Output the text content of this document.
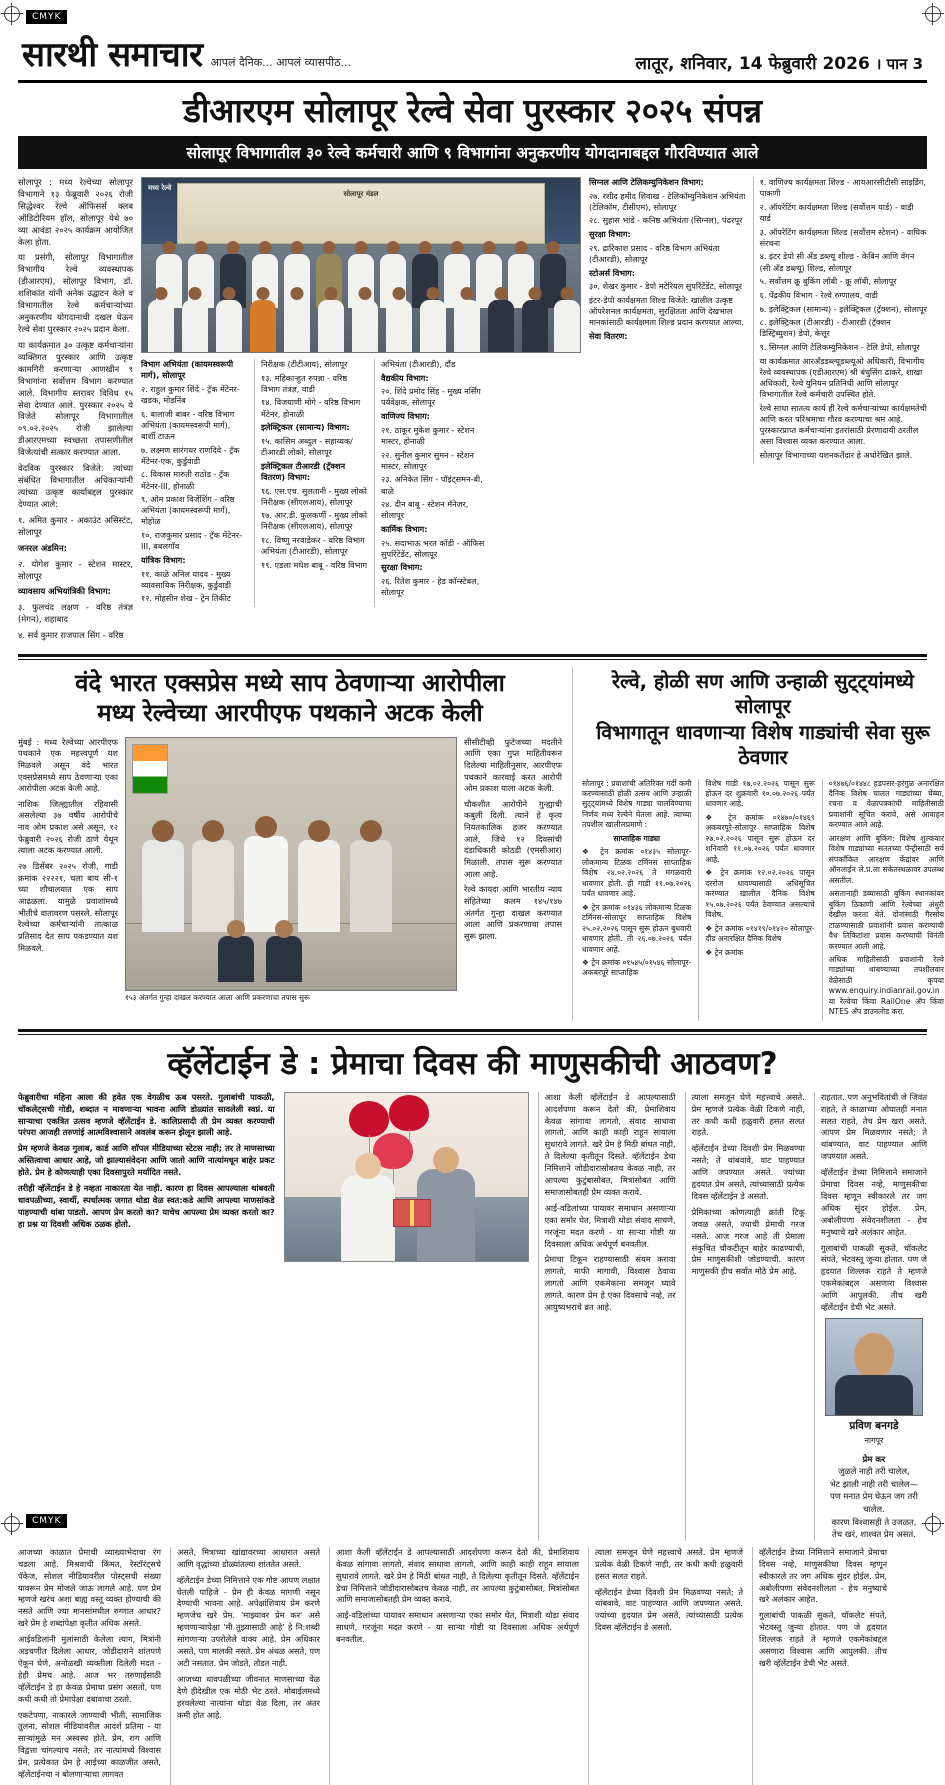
CMYK
CMYK
सारथी समाचार आपलं दैनिक... आपलं व्यासपीठ...	लातूर, शनिवार, 14 फेब्रुवारी 2026 । पान 3
डीआरएम सोलापूर रेल्वे सेवा पुरस्कार २०२५ संपन्न
सोलापूर विभागातील ३० रेल्वे कर्मचारी आणि ९ विभागांना अनुकरणीय योगदानाबद्दल गौरविण्यात आले

सोलापूर : मध्य रेल्वेच्या सोलापूर विभागाने १३ फेब्रुवारी २०२६ रोजी सिद्धेश्वर रेल्वे ऑफिसर्स क्लब ऑडिटोरियम हॉल, सोलापूर येथे ७० व्या आवंडा २०२५ कार्यक्रम आयोजित केला होता.

या प्रसंगी, सोलापूर विभागातील विभागीय रेल्वे व्यवस्थापक (डीआरएम), सोलापूर विभाग, डॉ. शशिकांत यांनी अनेक उद्घाटन केले व विभागातील रेल्वे कर्मचाऱ्यांच्या अनुकरणीय योगदानाची दखल घेऊन रेल्वे सेवा पुरस्कार २०२५ प्रदान केला.

या कार्यक्रमात ३० उत्कृष्ट कर्मचाऱ्यांना व्यक्तिगत पुरस्कार आणि उत्कृष्ट कामगिरी करणाऱ्या आणखीन ९ विभागांना सर्वोत्तम विभाग करण्यात आले. विभागीय स्तरावर विविध १५ सेवा देण्यात आले. पुरस्कार २०२५ ये विजेते सोलापूर विभागातील ०९.०२.२०२५ रोजी झालेल्या डीआरएमच्या स्वच्छता तपासणीतील विजेत्यांची सत्कार करण्यात आला.

वेदविक पुरस्कार विजेते: त्यांच्या संबंधित विभागातील अधिकाऱ्यांनी त्यांच्या उत्कृष्ट कार्याबद्दल पुरस्कार देण्यात आले:

१. अमित कुमार - अकाउंट असिस्टंट, सोलापूर

जनरल अंडमिन:

२. योगेश कुमार - स्टेशन मास्टर, सोलापूर

व्यावसाय अभियांत्रिकी विभाग:

३. फुलचंद लक्षण - वरिष्ठ तंत्रज्ञ (मेगन), शहाबाद

४. सर्व कुमार राजपाल सिंग - वरिष्ठ

सोलापूर मंडल
मध्य रेल्वे

विभाग अभियंता (कायमस्वरूपी मार्ग), सोलापूर

२. राहुल कुमार शिंदे - ट्रॅक मेंटेनर-खडक, मोडनिंब

६. बालाजी बाबर - वरिष्ठ विभाग अभियंता (कायमस्वरूपी मार्ग), बार्शी टाऊन

७. लक्ष्मण सारंगधर राणदिवे - ट्रॅक मेंटेनर-एक, कुर्डुवाडी

८. विकास मारुती राठोड - ट्रॅक मेंटेनर-III, होनाळी

९. ओम प्रकाश विजेंशिंग - वरिष्ठ अभियंता (कायमस्वरूपी मार्ग), मोहोळ

१०. राजकुमार प्रसाद - ट्रॅक मेंटेनर-III, बबलगाँव

यांत्रिक विभाग:

११. काळे अनिल यादव - मुख्य व्यावसायिक निरीक्षक, कुर्डुवाडी

१२. मोहसीन शेख - ट्रेन तिकीट

निरीक्षक (टीटीआय), सोलापूर

१३. महिकाऱ्हुत रुपन्ना - वरिष्ठ विभाग तंत्रज्ञ, वाडी

१४. विजयाणी मोगे - वरिष्ठ विभाग मेंटेनर, होनाळी

इलेक्ट्रिकल (सामान्य) विभाग:

१५. कासिम अब्दुल - सहाय्यक/टीआरडी लोको, सोलापूर

इलेक्ट्रिकल टीआरडी (ट्रॅक्शन वितरण) विभाग:

१६. एस.एच. सुलतानी - मुख्य लोको निरीक्षक (सीएलआय), सोलापूर

१७. आर.डी. फुलकर्णी - मुख्य लोको निरीक्षक (सीएलआय), सोलापूर

१८. विष्णु नरवाडेकर - वरिष्ठ विभाग अभियंता (टीआरडी), सोलापूर

१९. एडला मधेश बाबू - वरिष्ठ विभाग

अभियंता (टीआरडी), दौंड

वैद्यकीय विभाग:

२०. शिंदे प्रमोद सिंह - मुख्य नर्सिंग पर्यवेक्षक, सोलापूर

वाणिज्य विभाग:

२१. ठाकूर मुकेश कुमार - स्टेशन मास्टर, होनाळी

२२. सुनील कुमार सुमन - स्टेशन मास्टर, सोलापूर

२३. अनिकेत सिंग - पॉइंट्समन-बी, बाळे

२४. दीन बाबू - स्टेशन मॅनेजर, सोलापूर

कार्मिक विभाग:

२५. सदाभाऊ भरत कोंडी - ऑफिस सुपरिंटेंडेंट, सोलापूर

सुरक्षा विभाग:

२६. रितेश कुमार - हेड कॉन्स्टेबल, सोलापूर

सिग्नल आणि टेलिकम्युनिकेशन विभाग:

२७. रशीद हमीद शिवाख - टेलिकॉम्युनिकेशन अभियंता (टेलिकॉम, टीसीएम), सोलापूर

२८. सुहास भांडे - कनिष्ठ अभियंता (सिग्नल), पंढरपूर

सुरक्षा विभाग:

२९. द्रारिकाश प्रसाद - वरिष्ठ विभाग अभियंता (टीआरडी), सोलापूर

स्टोअर्स विभाग:

३०. शेखर कुमार - डेपो मटेरियल सुपरिंटेंडेंट, सोलापूर

इंटर-डेपो कार्यक्षमता शिल्ड विजेते: खालील उत्कृष्ट ऑपरेशनल कार्यक्षमता, सुरक्षितता आणि देखभाल मानकांसाठी कार्यक्षमता शिल्ड प्रदान करण्यात आल्या.

सेवा वितरण:

१. वाणिज्य कार्यक्षमता शिल्ड - आयआरसीटीसी साइडिंग, पाकणी

२. ऑपरेटिंग कार्यक्षमता शिल्ड (सर्वोत्तम यार्ड) - वाडी यार्ड

३. ऑपरेटिंग कार्यक्षमता शिल्ड (सर्वोत्तम स्टेशन) - वाघिक संरचना

४. इंटर डेपो सी अँड डब्ल्यू शील्ड - केबिन आणि वॅगन (सी अँड डब्ल्यू) शिल्ड, सोलापूर

५. सर्वोत्तम क्रू बुकिंग लॉबी - क्रू लॉबी, सोलापूर

६. पेंद्रकीय विभाग - रेल्वे रुग्णालय, वाडी

७. इलेक्ट्रिकल (सामान्य) - इलेक्ट्रिकल (ट्रॅक्शन), सोलापूर

८. इलेक्ट्रिकल (टीआरडी) - टीआरडी (ट्रॅक्शन डिस्ट्रिब्युशन) डेपो, केत्तूर

९. सिग्नल आणि टेलिकम्युनिकेशन - टेलि डेपो, सोलापूर

या कार्यक्रमात आरअँडडब्ल्यूडब्ल्यूओ अधिकारी, विभागीय रेल्वे व्यवस्थापक (एडीआरएम) श्री बंधुसिंग ढाकरे, शाखा अधिकारी, रेल्वे युनियन प्रतिनिधी आणि सोलापूर विभागातील रेल्वे कर्मचारी उपस्थित होते.

रेल्वे साधा सातत्य कार्य ही रेल्वे कर्मचाऱ्यांच्या कार्यक्षमतेची आणि करत परिश्रमाचा गौरव करण्याचा श्रम आहे. पुरस्कारप्राप्त कर्मचाऱ्यांना इतरांसाठी प्रेरणादायी ठरतील असा विश्वास व्यक्त करण्यात आला.

सोलापूर विभागाच्या यशनकर्तेदार हे अधोरेखित झाले.

वंदे भारत एक्सप्रेस मध्ये साप ठेवणाऱ्या आरोपीला
मध्य रेल्वेच्या आरपीएफ पथकाने अटक केली

मुंबई : मध्य रेल्वेच्या आरपीएफ पथकाने एक महत्त्वपूर्ण यश मिळवले असून वंदे भारत एक्सप्रेसमध्ये साप ठेवणाऱ्या एका आरोपीला अटक केली आहे.

नाशिक जिल्ह्यातील रहिवासी असलेल्या ३७ वर्षीय आरोपीचे नाव ओम प्रकाश असे असून, १२ फेब्रुवारी २०२६ रोजी ठाणे येथून त्याला अटक करण्यात आली.

२७ डिसेंबर २०२५ रोजी, गाडी क्रमांक २२२२१, चला बाय सी-१ च्या शौचालयात एक साप आढळला. यामुळे प्रवाशांमध्ये भीतीचे वातावरण पसरले. सोलापूर रेल्वेच्या कर्मचाऱ्यांनी तात्काळ प्रतिसाद देत साप पकडण्यात यश मिळवले.

१५३ अंतर्गत गुन्हा दाखल करण्यात आला आणि प्रकरणाचा तपास सुरू

सीसीटीव्ही फुटेजच्या मदतीने आणि एका गुप्त माहितीवरून दिलेल्या माहितीनुसार, आरपीएफ पथकाने कारवाई करत आरोपी ओम प्रकाश याला अटक केली.

चौकशीत आरोपीने गुन्ह्याची कबुली दिली. त्याने हे कृत्य नियतकालिक हजर करण्यात आले, जिथे १२ दिवसांची दंडाधिकारी कोठडी (एमसीआर) मिळाली. तपास सुरू करण्यात आला आहे.

रेल्वे कायदा आणि भारतीय न्याय संहितेच्या कलम १४५/१४७ अंतर्गत गुन्हा दाखल करण्यात आला आणि प्रकरणाचा तपास सुरू झाला.

रेल्वे, होळी सण आणि उन्हाळी सुट्ट्यांमध्ये सोलापूर
विभागातून धावणाऱ्या विशेष गाड्यांची सेवा सुरू ठेवणार

सोलापूर : प्रवाशांची अतिरिक्त गर्दी कमी करण्यासाठी होळी उत्सव आणि उन्हाळी सुट्ट्यांमध्ये विशेष गाड्या चालविण्याचा निर्णय मध्य रेल्वेने घेतला आहे. त्याच्या तपशील खालीलप्रमाणे :

साप्ताहिक गाड्या

❖ ट्रेन क्रमांक ०१४३५ सोलापूर-लोकमान्य टिळक टर्मिनस साप्ताहिक विशेष २४.०२.२०२६ ते मंगळवारी धावणार होती. ही गाडी ११.०७.२०२६ पर्यंत धावणार आहे.

❖ ट्रेन क्रमांक ०१४३६ लोकमान्य टिळक टर्मिनस-सोलापूर साप्ताहिक विशेष २५.०२.२०२६ पासून सुरू होऊन बुधवारी धावणार होती. ती २६.०७.२०२६ पर्यंत धावणार आहे.

❖ ट्रेन क्रमांक ०१५४५/०१५४६ सोलापूर-अकबरपूरे साप्ताहिक

विशेष गाडी १७.०२.२०२६ पासून सुरू होऊन दर शुक्रवारी १०.०७.२०२६ पर्यंत धावणार आहे.

❖ ट्रेन क्रमांक ०१४७०/०१४६९ अकबरपूरे-सोलापूर साप्ताहिक विशेष २७.०२.२०२६ पासून सुरू होऊन दर शनिवारी ११.०७.२०२६ पर्यंत धावणार आहे.

❖ ट्रेन क्रमांक १२.०२.२०२६ पासून दररोज धावण्यासाठी अधिसूचित करण्यात खालील दैनिक विशेष १५.०७.२०२६ पर्यंत ठेवण्यात असल्याचे विशेष.

❖ ट्रेन क्रमांक ०१४१९/०१४२० सोलापूर-दौंड अनारक्षित दैनिक विशेष

❖ ट्रेन क्रमांक

०१४७६/०१४४८ हडपसर-हरंगुळ अनारक्षित दैनिक विशेष चालत गाड्यांच्या चेंब्या, रचना व वेळापत्रकांची माहितीसाठी प्रवाशांनी सूचित करावे, असे आवाहन करण्यात आले आहे.

आरक्षण आणि बुकिंग: विशेष शुल्कवार विशेष गाड्यांच्या सततच्या पॅन्ट्रीसाठी सर्व संपर्कांकित आरक्षण केंद्रांवर आणि ऑनलाईन ले.प्र.ला संकेतस्थळावर उपलब्ध असतील.

असतानाही डब्यासाठी बुकिंग स्थानकांवर बुकिंग ठिकाणी आणि रेल्वेच्या अंधुरी देखील करता येते. दोनांसाठी गैरसोय टाळण्यासाठी प्रवाशांनी प्रवास करण्याची वैध तिकिटांशा प्रवास करण्याची विनंती करण्यात आली आहे.

अधिक माहितीसाठी प्रवाशांनी रेल्वे गाड्यांच्या थांबण्याच्या तपशीलवार वेळेसाठी कृपया www.enquiry.indianrail.gov.in या रेल्वेचा किंवा RailOne अ‍ॅप किंवा NTES अ‍ॅप डाउनलोड करा.

व्हॅलेंटाईन डे : प्रेमाचा दिवस की माणुसकीची आठवण?

फेब्रुवारीचा महिना आला की हवेत एक वेगळीच ऊब पसरते. गुलाबांची पाकळी, चॉकलेट्सची गोडी, शब्दात न मावणाऱ्या भावना आणि डोळ्यांत सावलेली स्वप्नं. या साऱ्याचा एकत्रित उत्सव म्हणजे व्हॅलेंटाईन डे. कालिप्रसादी ती प्रेम व्यक्त करण्याची परंपरा आजही तरुणांई आत्मविश्वासाने अवलंब करून झेलून झाली आहे.

प्रेम म्हणजे केवळ गुलाब, कार्ड आणि शॉपल मीडियाच्या स्टेटस नाही; तर ते माणसाच्या अस्तित्वाचा आधार आहे, जो झाल्यासंवेदना आणि जातो आणि नात्यांमधून बाहेर प्रकट होते. प्रेम हे कोणत्याही एका दिवसापुरते मर्यादित नसते.

तरीही व्हॅलेंटाईन डे हे नव्हता नाकारता येत नाही. कारण हा दिवस आपल्याला थांबवती धावपळीच्या, स्वार्थी, स्पर्धात्मक जगात थोडा वेळ स्वत:कडे आणि आपल्या माणसांकडे पाहण्याची थांबा पाडतो. आपण प्रेम करतो का? याचेच आपल्या प्रेम व्यक्त करतो का? हा प्रश्न या दिवशी अधिक ठळक होतो.

आशा केली व्हॅलेंटाईन डे आपल्यासाठी आदर्शपणा करून देतो की, प्रेमाशिवाय केवळ सांगावा लागतो, संवाद साधावा लागतो, आणि काही काही राहून सायाला सुधारावे लागते. खरे प्रेम हे मिठी बांधत नाही, ते दिलेल्या कृतीतून दिसते. व्हॅलेंटाईन डेचा निमित्ताने जोडीदारासोबतच केवळ नाही, तर आपल्या कुटुंबासोबत, मित्रांसोबत आणि समाजासोबतही प्रेम व्यक्त करावे.

आई-वडिलांच्या पायावर समाधान असणाऱ्या एका समोर घेत, मित्राशी थोडा संवाद साधणे, गरजूंना मदत करणे - या साऱ्या गोष्टी या दिवसाला अधिक अर्थपूर्ण बनवतील.

प्रेमाचा टिकून राहण्यासाठी संयम करावा लागतो, माफी मागावी, विश्वास ठेवावा लागतो आणि एकमेकांना समजून घ्यावे लागते. कारण प्रेम हे एका दिवसाचे नव्हे, तर आयुष्यभराचे व्रत आहे.

त्याला समजून घेणे महत्त्वाचे असते. प्रेम म्हणजे प्रत्येक वेळी टिकणे नाही, तर कधी कधी हळुवारी हसत सलत राहते.

व्हॅलेंटाईन डेच्या दिवशी प्रेम मिळवण्या नसते; ते थांबवावे, वाट पाहण्यात आणि जपण्यात असते. ज्यांच्या हृदयात प्रेम असते, त्यांच्यासाठी प्रत्येक दिवस व्हॅलेंटाईन डे असतो.

प्रेमिकाच्या कोणत्याही क्रांती टिकू जवळ असते, ज्याची प्रेमाची गरज नसते. आज गरज आहे ती प्रेमाला संकुचित चौकटीतून बाहेर काढण्याची, प्रेम माणुसकीशी जोडण्याची. कारण माणुसकी हीच सर्वात मोठे प्रेम आहे.

राहतात. पण अनुभवितांची जे जिवंत राहते, ते काळाच्या ओघातही मनात सलत राहते, तेच प्रेम खरा असते. आपण प्रेम मिळवणार नसते; ते थांबण्यात, वाट पाहण्यात आणि जपण्यात असते.

व्हॅलेंटाईन डेच्या निमित्ताने समाजाने प्रेमाचा दिवस नव्हे, माणुसकीचा दिवस म्हणून स्वीकारले तर जग अधिक सुंदर होईल. प्रेम, अबोलीपणा संवेदनशीलता - हेच मनुष्याचे खरे अलंकार आहेत.

गुलाबांची पाकळी सुकते, चॉकलेट संपते, भेटवस्तू जुन्या होतात. पण जे हृदयात शिल्लक राहते ते म्हणजे एकमेकांबद्दल असणारा विश्वास आणि आपुलकी. तीच खरी व्हॅलेंटाईन डेची भेट असते.

प्रविण बनगडे
नागपूर
प्रेम कर
जुळले नाही तरी चालेल,
भेट झाली नाही तरी चालेल—
पण मनात प्रेम घेऊन जग तरी चालेल.
कारण विश्वासही ते उजळत,
तेच खरं, शाश्वत प्रेम असतं.

आजच्या काळात प्रेमाची व्याख्याभेदाचा रंग चढला आहे. मिश्रवाची किंमत, रेस्टॉरंट्सचे पॅकेज, सोशल मीडियावरील पोस्ट्सची संख्या यावरून प्रेम मोजले जाऊ लागले आहे. पण प्रेम म्हणजे खरंच अशा बाह्य वस्तू व्यक्त होण्याची की नसते आणि ज्या मानसांमधील रुग्णात आधार? खरे प्रेम हे शब्दांपेक्षा कृतीत अधिक असते.

आईवडिलांनी मुलांसाठी केलेला त्याग, मित्रांनी अडचणीत दिलेला आधार, जोडीदाराने शांतपणे ऐकून घेणे, अनोळखी व्यक्तीला दिलेली मदत - हेही प्रेमच आहे. आज भर तरुणाईसाठी व्हॅलेंटाईन डे हा केवळ प्रेमाचा प्रसंग असतो, पण कधी कधी तो प्रेमापेक्षा दबावाचा ठरतो.

एकटेपणा, नाकारले जाण्याची भीती, सामाजिक तुलना, सोशल मीडियावरील आदर्श प्रतिमा - या साऱ्यांमुळे मन अस्वस्थ होते. प्रेम, राग आणि विद्वत्ता चांगल्याच नसते; तर नात्यांमध्ये विश्वास प्रेम, प्रत्येकात प्रेम हे आईच्या काळजीत असते, व्हॅलेंटाईनचा न बोलणाऱ्याचा लागवत

असते, मित्राच्या खांद्यावरच्या आधारात असते आणि वृद्धांच्या डोळ्यांतल्या शांततेत असते.

व्हॅलेंटाईन डेच्या निमित्ताने एक गोष्ट आपण लक्षात घेतली पाहिजे - प्रेम ही केवळ मागणी नसून देण्याची भावना आहे. अपेक्षांशिवाय प्रेम करणे म्हणजेच खरे प्रेम. 'माझ्यावर प्रेम कर' असे म्हणणाऱ्यापेक्षा 'मी तुझ्यासाठी आहे' हे नि:शब्दी सांगणाऱ्या उपरोलेले वाक्य आहे. प्रेम अधिकार असते, पण मालकी नसते. प्रेम अंधळ असते, पण अटी नसतात. प्रेम जोडते, तोडत नाही.

आजच्या धावपळीच्या जीवनात माणसाच्या वेळ देणे हीदेखील एक मोठी भेट ठरते. मोबाईलमध्ये हरवलेल्या नात्यांना थोडा वेळ दिला, तर अंतर कमी होत आहे.

आशा केली व्हॅलेंटाईन डे आपल्यासाठी आदर्शपणा करून देतो की, प्रेमाशिवाय केवळ सांगावा लागतो, संवाद साधावा लागतो, आणि काही काही राहून सायाला सुधारावे लागते. खरे प्रेम हे मिठी बांधत नाही, ते दिलेल्या कृतीतून दिसते. व्हॅलेंटाईन डेचा निमित्ताने जोडीदारासोबतच केवळ नाही, तर आपल्या कुटुंबासोबत, मित्रांसोबत आणि समाजासोबतही प्रेम व्यक्त करावे.

आई-वडिलांच्या पायावर समाधान असणाऱ्या एका समोर घेत, मित्राशी थोडा संवाद साधणे, गरजूंना मदत करणे - या साऱ्या गोष्टी या दिवसाला अधिक अर्थपूर्ण बनवतील.

त्याला समजून घेणे महत्त्वाचे असते. प्रेम म्हणजे प्रत्येक वेळी टिकणे नाही, तर कधी कधी हळुवारी हसत सलत राहते.

व्हॅलेंटाईन डेच्या दिवशी प्रेम मिळवण्या नसते; ते थांबवावे, वाट पाहण्यात आणि जपण्यात असते. ज्यांच्या हृदयात प्रेम असते, त्यांच्यासाठी प्रत्येक दिवस व्हॅलेंटाईन डे असतो.

व्हॅलेंटाईन डेच्या निमित्ताने समाजाने प्रेमाचा दिवस नव्हे, माणुसकीचा दिवस म्हणून स्वीकारले तर जग अधिक सुंदर होईल. प्रेम, अबोलीपणा संवेदनशीलता - हेच मनुष्याचे खरे अलंकार आहेत.

गुलाबांची पाकळी सुकते, चॉकलेट संपते, भेटवस्तू जुन्या होतात. पण जे हृदयात शिल्लक राहते ते म्हणजे एकमेकांबद्दल असणारा विश्वास आणि आपुलकी. तीच खरी व्हॅलेंटाईन डेची भेट असते.
